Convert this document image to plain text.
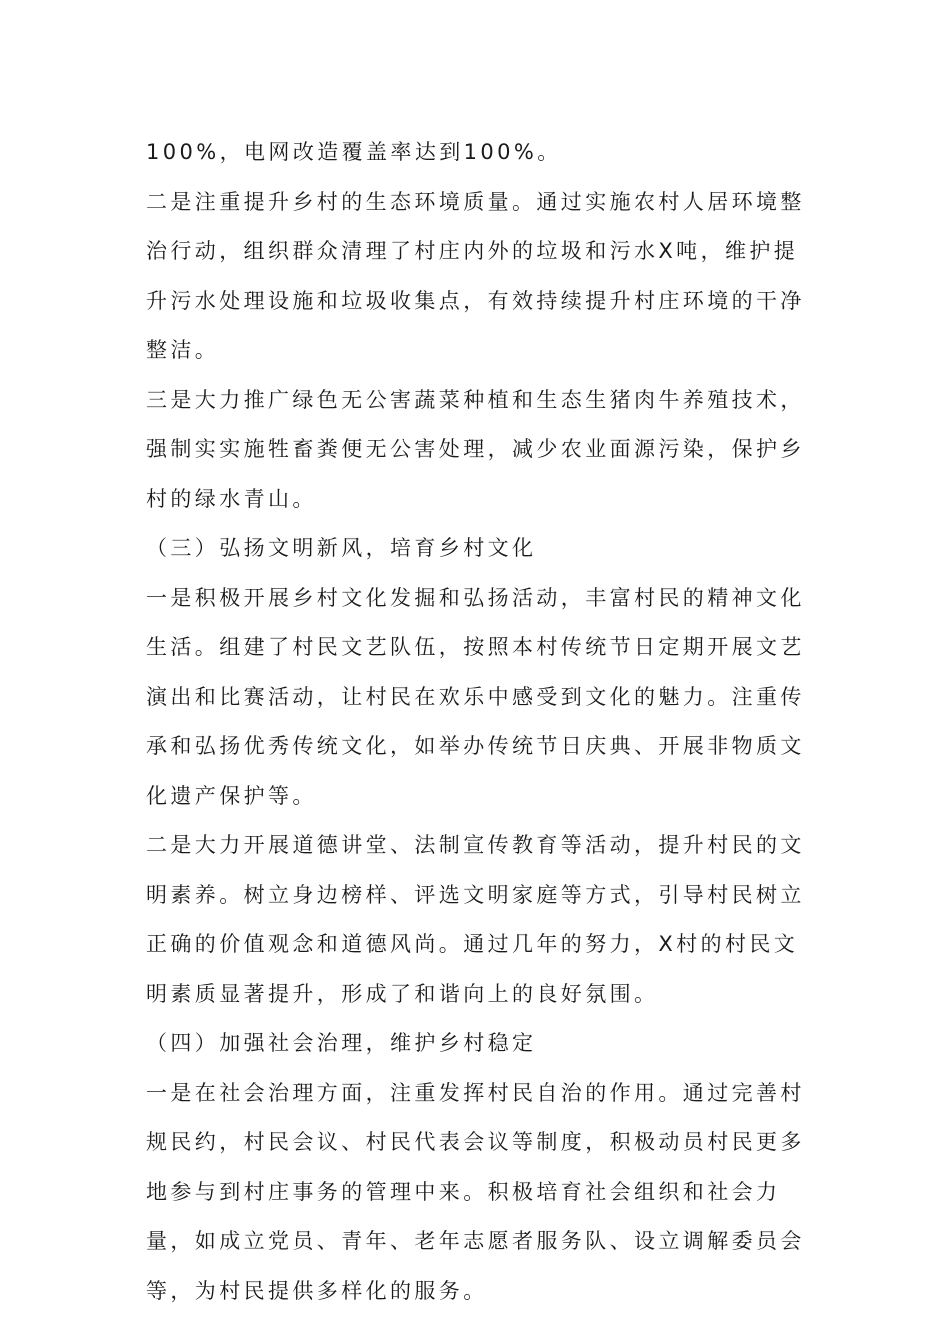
100%，电网改造覆盖率达到100%。

二是注重提升乡村的生态环境质量。通过实施农村人居环境整治行动，组织群众清理了村庄内外的垃圾和污水X吨，维护提升污水处理设施和垃圾收集点，有效持续提升村庄环境的干净整洁。

三是大力推广绿色无公害蔬菜种植和生态生猪肉牛养殖技术，强制实实施牲畜粪便无公害处理，减少农业面源污染，保护乡村的绿水青山。

（三）弘扬文明新风，培育乡村文化

一是积极开展乡村文化发掘和弘扬活动，丰富村民的精神文化生活。组建了村民文艺队伍，按照本村传统节日定期开展文艺演出和比赛活动，让村民在欢乐中感受到文化的魅力。注重传承和弘扬优秀传统文化，如举办传统节日庆典、开展非物质文化遗产保护等。

二是大力开展道德讲堂、法制宣传教育等活动，提升村民的文明素养。树立身边榜样、评选文明家庭等方式，引导村民树立正确的价值观念和道德风尚。通过几年的努力，X村的村民文明素质显著提升，形成了和谐向上的良好氛围。

（四）加强社会治理，维护乡村稳定

一是在社会治理方面，注重发挥村民自治的作用。通过完善村规民约，村民会议、村民代表会议等制度，积极动员村民更多地参与到村庄事务的管理中来。积极培育社会组织和社会力量，如成立党员、青年、老年志愿者服务队、设立调解委员会等，为村民提供多样化的服务。
